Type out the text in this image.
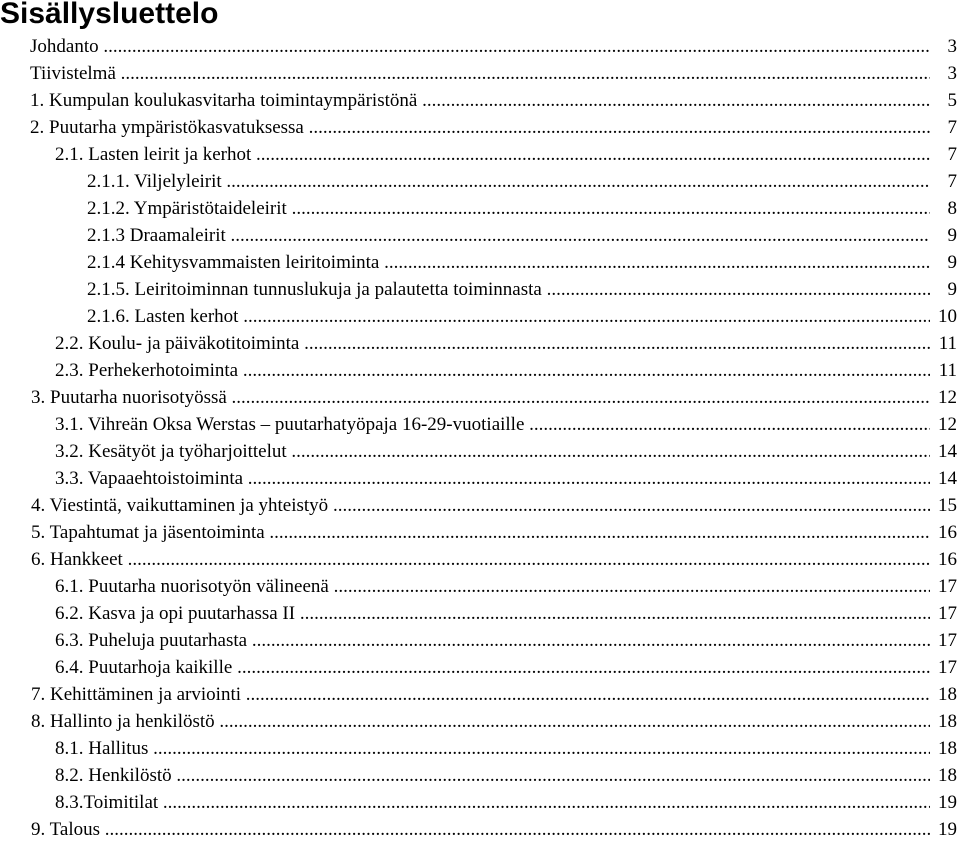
Sisällysluettelo
Johdanto .....	3
Tiivistelmä .....	3
1. Kumpulan koulukasvitarha toimintaympäristönä .....	5
2. Puutarha ympäristökasvatuksessa .....	7
2.1. Lasten leirit ja kerhot .....	7
2.1.1. Viljelyleirit .....	7
2.1.2. Ympäristötaideleirit .....	8
2.1.3 Draamaleirit .....	9
2.1.4 Kehitysvammaisten leiritoiminta .....	9
2.1.5. Leiritoiminnan tunnuslukuja ja palautetta toiminnasta .....	9
2.1.6. Lasten kerhot .....	10
2.2. Koulu- ja päiväkotitoiminta .....	11
2.3. Perhekerhotoiminta .....	11
3. Puutarha nuorisotyössä .....	12
3.1. Vihreän Oksa Werstas – puutarhatyöpaja 16-29-vuotiaille .....	12
3.2. Kesätyöt ja työharjoittelut .....	14
3.3. Vapaaehtoistoiminta .....	14
4. Viestintä, vaikuttaminen ja yhteistyö .....	15
5. Tapahtumat ja jäsentoiminta .....	16
6. Hankkeet .....	16
6.1. Puutarha nuorisotyön välineenä .....	17
6.2. Kasva ja opi puutarhassa II .....	17
6.3. Puheluja puutarhasta .....	17
6.4. Puutarhoja kaikille .....	17
7. Kehittäminen ja arviointi .....	18
8. Hallinto ja henkilöstö .....	18
8.1. Hallitus .....	18
8.2. Henkilöstö .....	18
8.3.Toimitilat .....	19
9. Talous .....	19
